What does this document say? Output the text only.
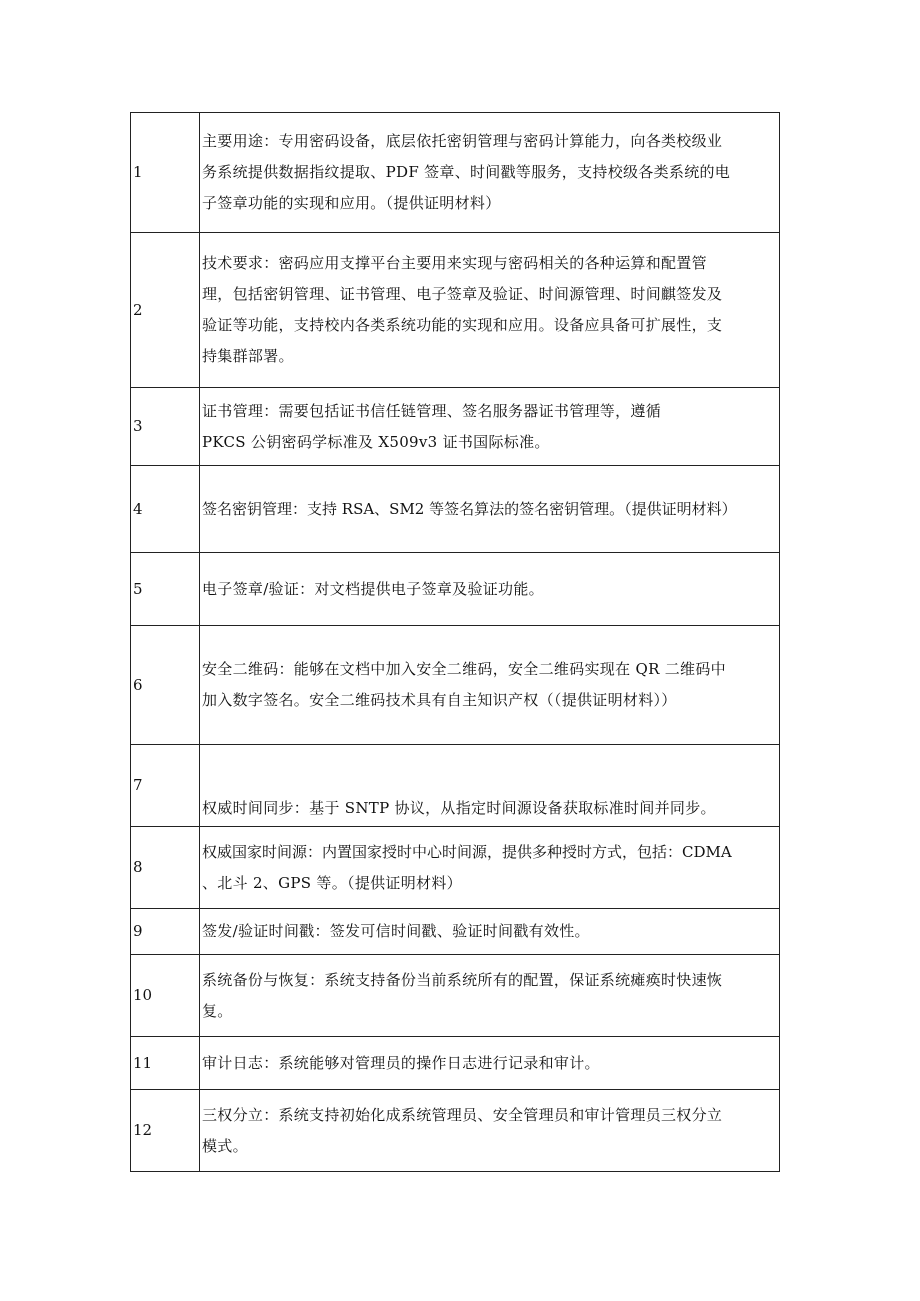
1	主要用途：专用密码设备，底层依托密钥管理与密码计算能力，向各类校级业
务系统提供数据指纹提取、PDF 签章、时间戳等服务，支持校级各类系统的电
子签章功能的实现和应用。（提供证明材料）

2	技术要求：密码应用支撑平台主要用来实现与密码相关的各种运算和配置管
理，包括密钥管理、证书管理、电子签章及验证、时间源管理、时间麒签发及
验证等功能，支持校内各类系统功能的实现和应用。设备应具备可扩展性，支
持集群部署。

3	证书管理：需要包括证书信任链管理、签名服务器证书管理等，遵循
PKCS 公钥密码学标准及 X509v3 证书国际标准。

4	签名密钥管理：支持 RSA、SM2 等签名算法的签名密钥管理。（提供证明材料）

5	电子签章/验证：对文档提供电子签章及验证功能。

6	安全二维码：能够在文档中加入安全二维码，安全二维码实现在 QR 二维码中
加入数字签名。安全二维码技术具有自主知识产权（（提供证明材料））

7	权威时间同步：基于 SNTP 协议，从指定时间源设备获取标准时间并同步。

8	权威国家时间源：内置国家授时中心时间源，提供多种授时方式，包括：CDMA
、北斗 2、GPS 等。（提供证明材料）

9	签发/验证时间戳：签发可信时间戳、验证时间戳有效性。

10	系统备份与恢复：系统支持备份当前系统所有的配置，保证系统瘫痪时快速恢
复。

11	审计日志：系统能够对管理员的操作日志进行记录和审计。

12	三权分立：系统支持初始化成系统管理员、安全管理员和审计管理员三权分立
模式。
